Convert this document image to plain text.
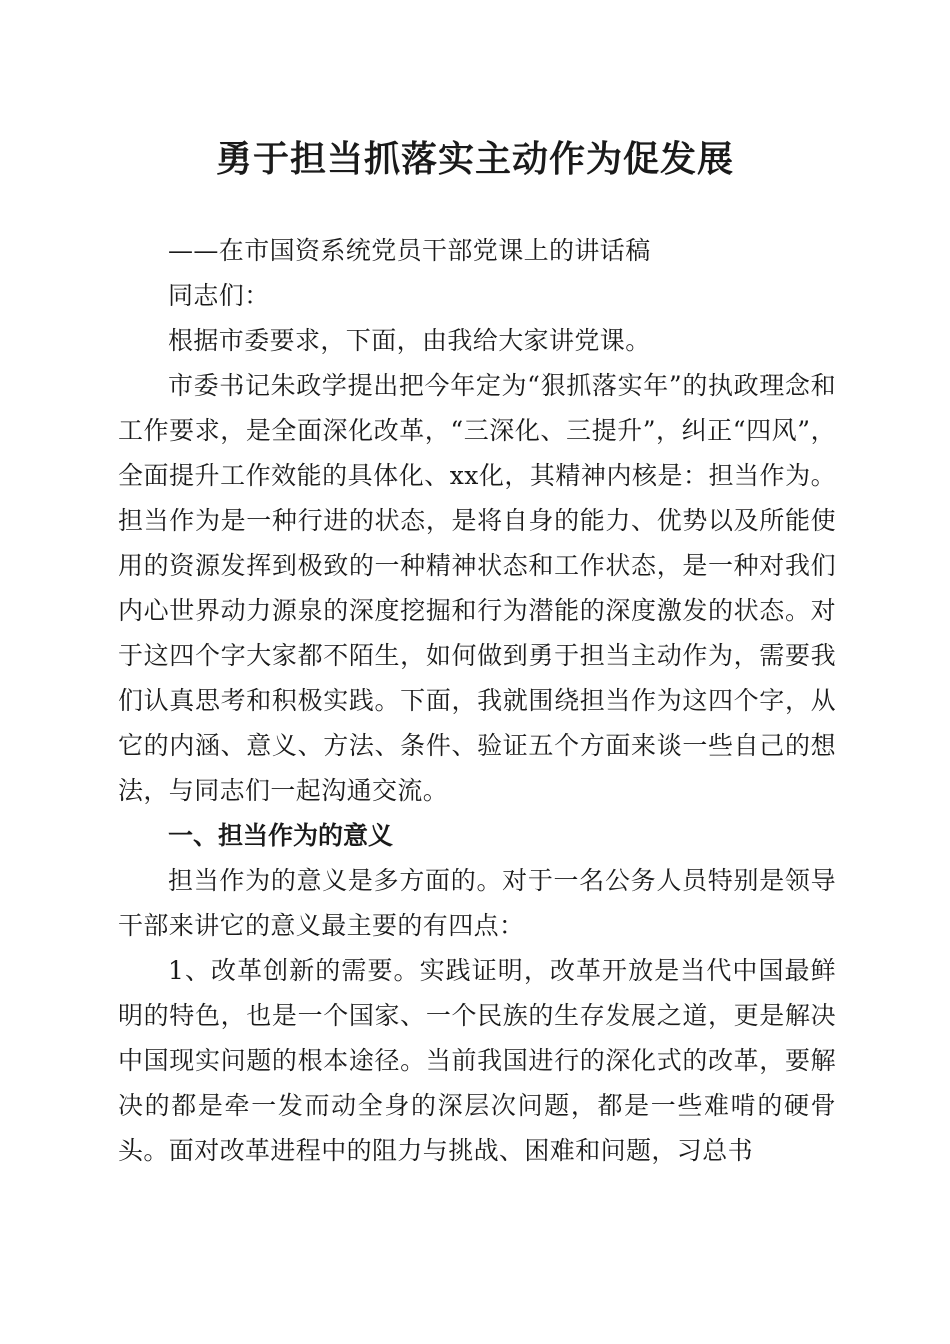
勇于担当抓落实主动作为促发展

——在市国资系统党员干部党课上的讲话稿

同志们：

根据市委要求，下面，由我给大家讲党课。

市委书记朱政学提出把今年定为“狠抓落实年”的执政理念和工作要求，是全面深化改革，“三深化、三提升”，纠正“四风”，全面提升工作效能的具体化、xx化，其精神内核是：担当作为。担当作为是一种行进的状态，是将自身的能力、优势以及所能使用的资源发挥到极致的一种精神状态和工作状态，是一种对我们内心世界动力源泉的深度挖掘和行为潜能的深度激发的状态。对于这四个字大家都不陌生，如何做到勇于担当主动作为，需要我们认真思考和积极实践。下面，我就围绕担当作为这四个字，从它的内涵、意义、方法、条件、验证五个方面来谈一些自己的想法，与同志们一起沟通交流。

一、担当作为的意义

担当作为的意义是多方面的。对于一名公务人员特别是领导干部来讲它的意义最主要的有四点：

1、改革创新的需要。实践证明，改革开放是当代中国最鲜明的特色，也是一个国家、一个民族的生存发展之道，更是解决中国现实问题的根本途径。当前我国进行的深化式的改革，要解决的都是牵一发而动全身的深层次问题，都是一些难啃的硬骨头。面对改革进程中的阻力与挑战、困难和问题，习总书
